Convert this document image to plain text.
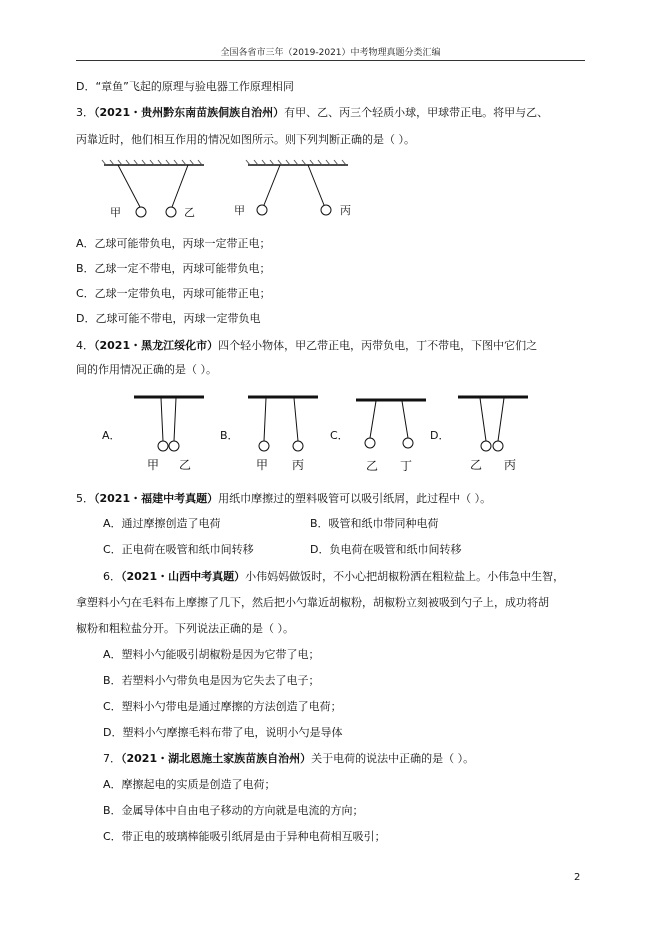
全国各省市三年（2019-2021）中考物理真题分类汇编
D．“章鱼”飞起的原理与验电器工作原理相同
3．（2021・贵州黔东南苗族侗族自治州）有甲、乙、丙三个轻质小球，甲球带正电。将甲与乙、
丙靠近时，他们相互作用的情况如图所示。则下列判断正确的是（ ）。
甲	乙	甲	丙
A．乙球可能带负电，丙球一定带正电；
B．乙球一定不带电，丙球可能带负电；
C．乙球一定带负电，丙球可能带正电；
D．乙球可能不带电，丙球一定带负电
4．（2021・黑龙江绥化市）四个轻小物体，甲乙带正电，丙带负电，丁不带电，下图中它们之
间的作用情况正确的是（ ）。
A．
甲 乙
B．
甲 丙
C．
乙 丁
D．
乙 丙
5．（2021・福建中考真题）用纸巾摩擦过的塑料吸管可以吸引纸屑，此过程中（ ）。
A．通过摩擦创造了电荷	B．吸管和纸巾带同种电荷
C．正电荷在吸管和纸巾间转移	D．负电荷在吸管和纸巾间转移
6．（2021・山西中考真题）小伟妈妈做饭时，不小心把胡椒粉洒在粗粒盐上。小伟急中生智，
拿塑料小勺在毛料布上摩擦了几下，然后把小勺靠近胡椒粉，胡椒粉立刻被吸到勺子上，成功将胡
椒粉和粗粒盐分开。下列说法正确的是（ ）。
A．塑料小勺能吸引胡椒粉是因为它带了电；
B．若塑料小勺带负电是因为它失去了电子；
C．塑料小勺带电是通过摩擦的方法创造了电荷；
D．塑料小勺摩擦毛料布带了电，说明小勺是导体
7．（2021・湖北恩施土家族苗族自治州）关于电荷的说法中正确的是（ ）。
A．摩擦起电的实质是创造了电荷；
B．金属导体中自由电子移动的方向就是电流的方向；
C．带正电的玻璃棒能吸引纸屑是由于异种电荷相互吸引；
2
